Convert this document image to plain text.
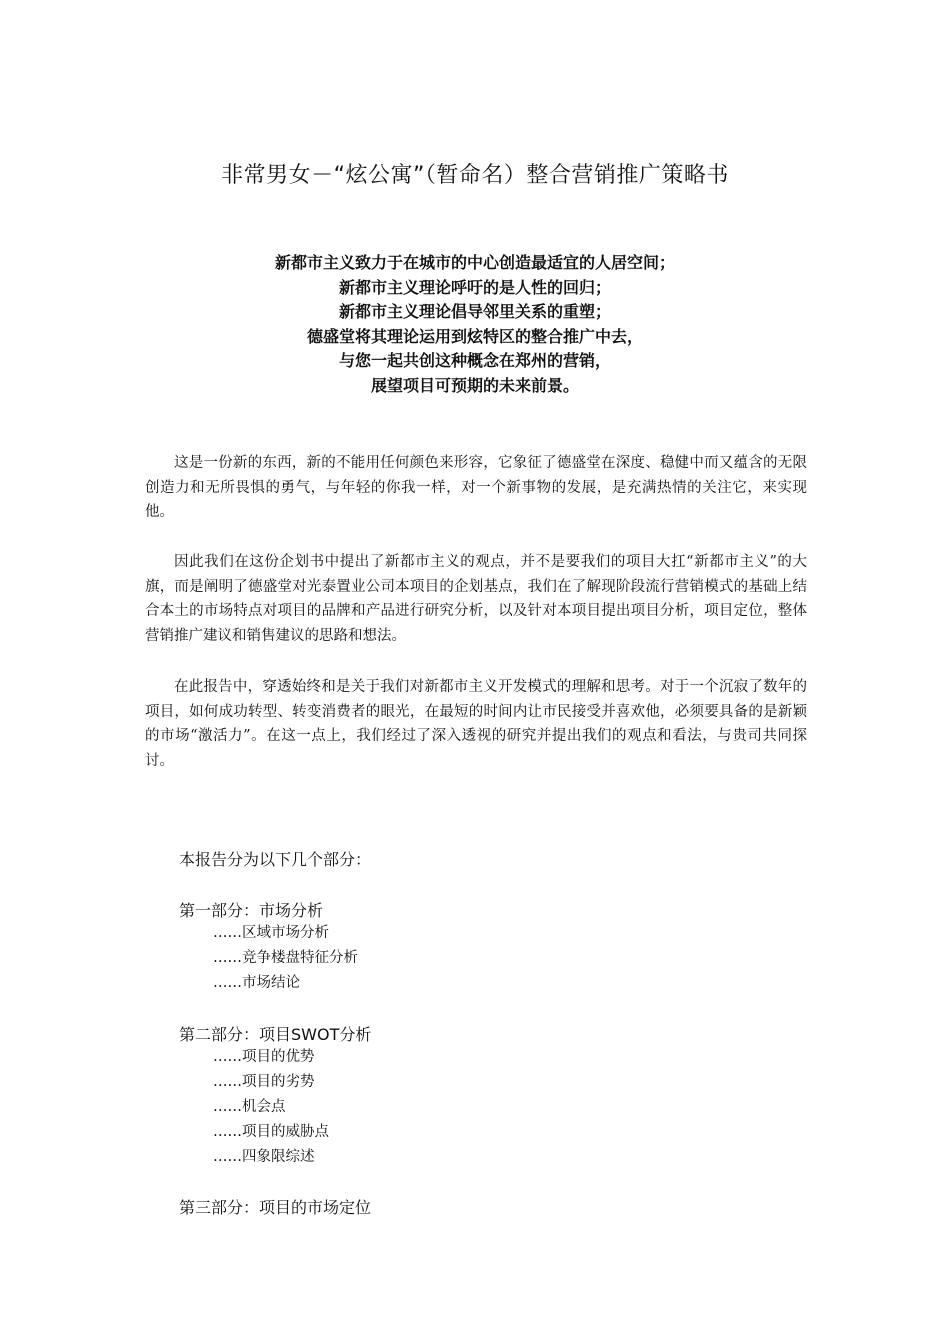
非常男女－“炫公寓”（暂命名）整合营销推广策略书
新都市主义致力于在城市的中心创造最适宜的人居空间；
新都市主义理论呼吁的是人性的回归；
新都市主义理论倡导邻里关系的重塑；
德盛堂将其理论运用到炫特区的整合推广中去，
与您一起共创这种概念在郑州的营销，
展望项目可预期的未来前景。
这是一份新的东西，新的不能用任何颜色来形容，它象征了德盛堂在深度、稳健中而又蕴含的无限创造力和无所畏惧的勇气，与年轻的你我一样，对一个新事物的发展，是充满热情的关注它，来实现他。
因此我们在这份企划书中提出了新都市主义的观点，并不是要我们的项目大扛“新都市主义”的大旗，而是阐明了德盛堂对光泰置业公司本项目的企划基点，我们在了解现阶段流行营销模式的基础上结合本土的市场特点对项目的品牌和产品进行研究分析，以及针对本项目提出项目分析，项目定位，整体营销推广建议和销售建议的思路和想法。
在此报告中，穿透始终和是关于我们对新都市主义开发模式的理解和思考。对于一个沉寂了数年的项目，如何成功转型、转变消费者的眼光，在最短的时间内让市民接受并喜欢他，必须要具备的是新颖的市场“激活力”。在这一点上，我们经过了深入透视的研究并提出我们的观点和看法，与贵司共同探讨。
本报告分为以下几个部分：
第一部分：市场分析
……区域市场分析
……竞争楼盘特征分析
……市场结论
第二部分：项目SWOT分析
……项目的优势
……项目的劣势
……机会点
……项目的威胁点
……四象限综述
第三部分：项目的市场定位
